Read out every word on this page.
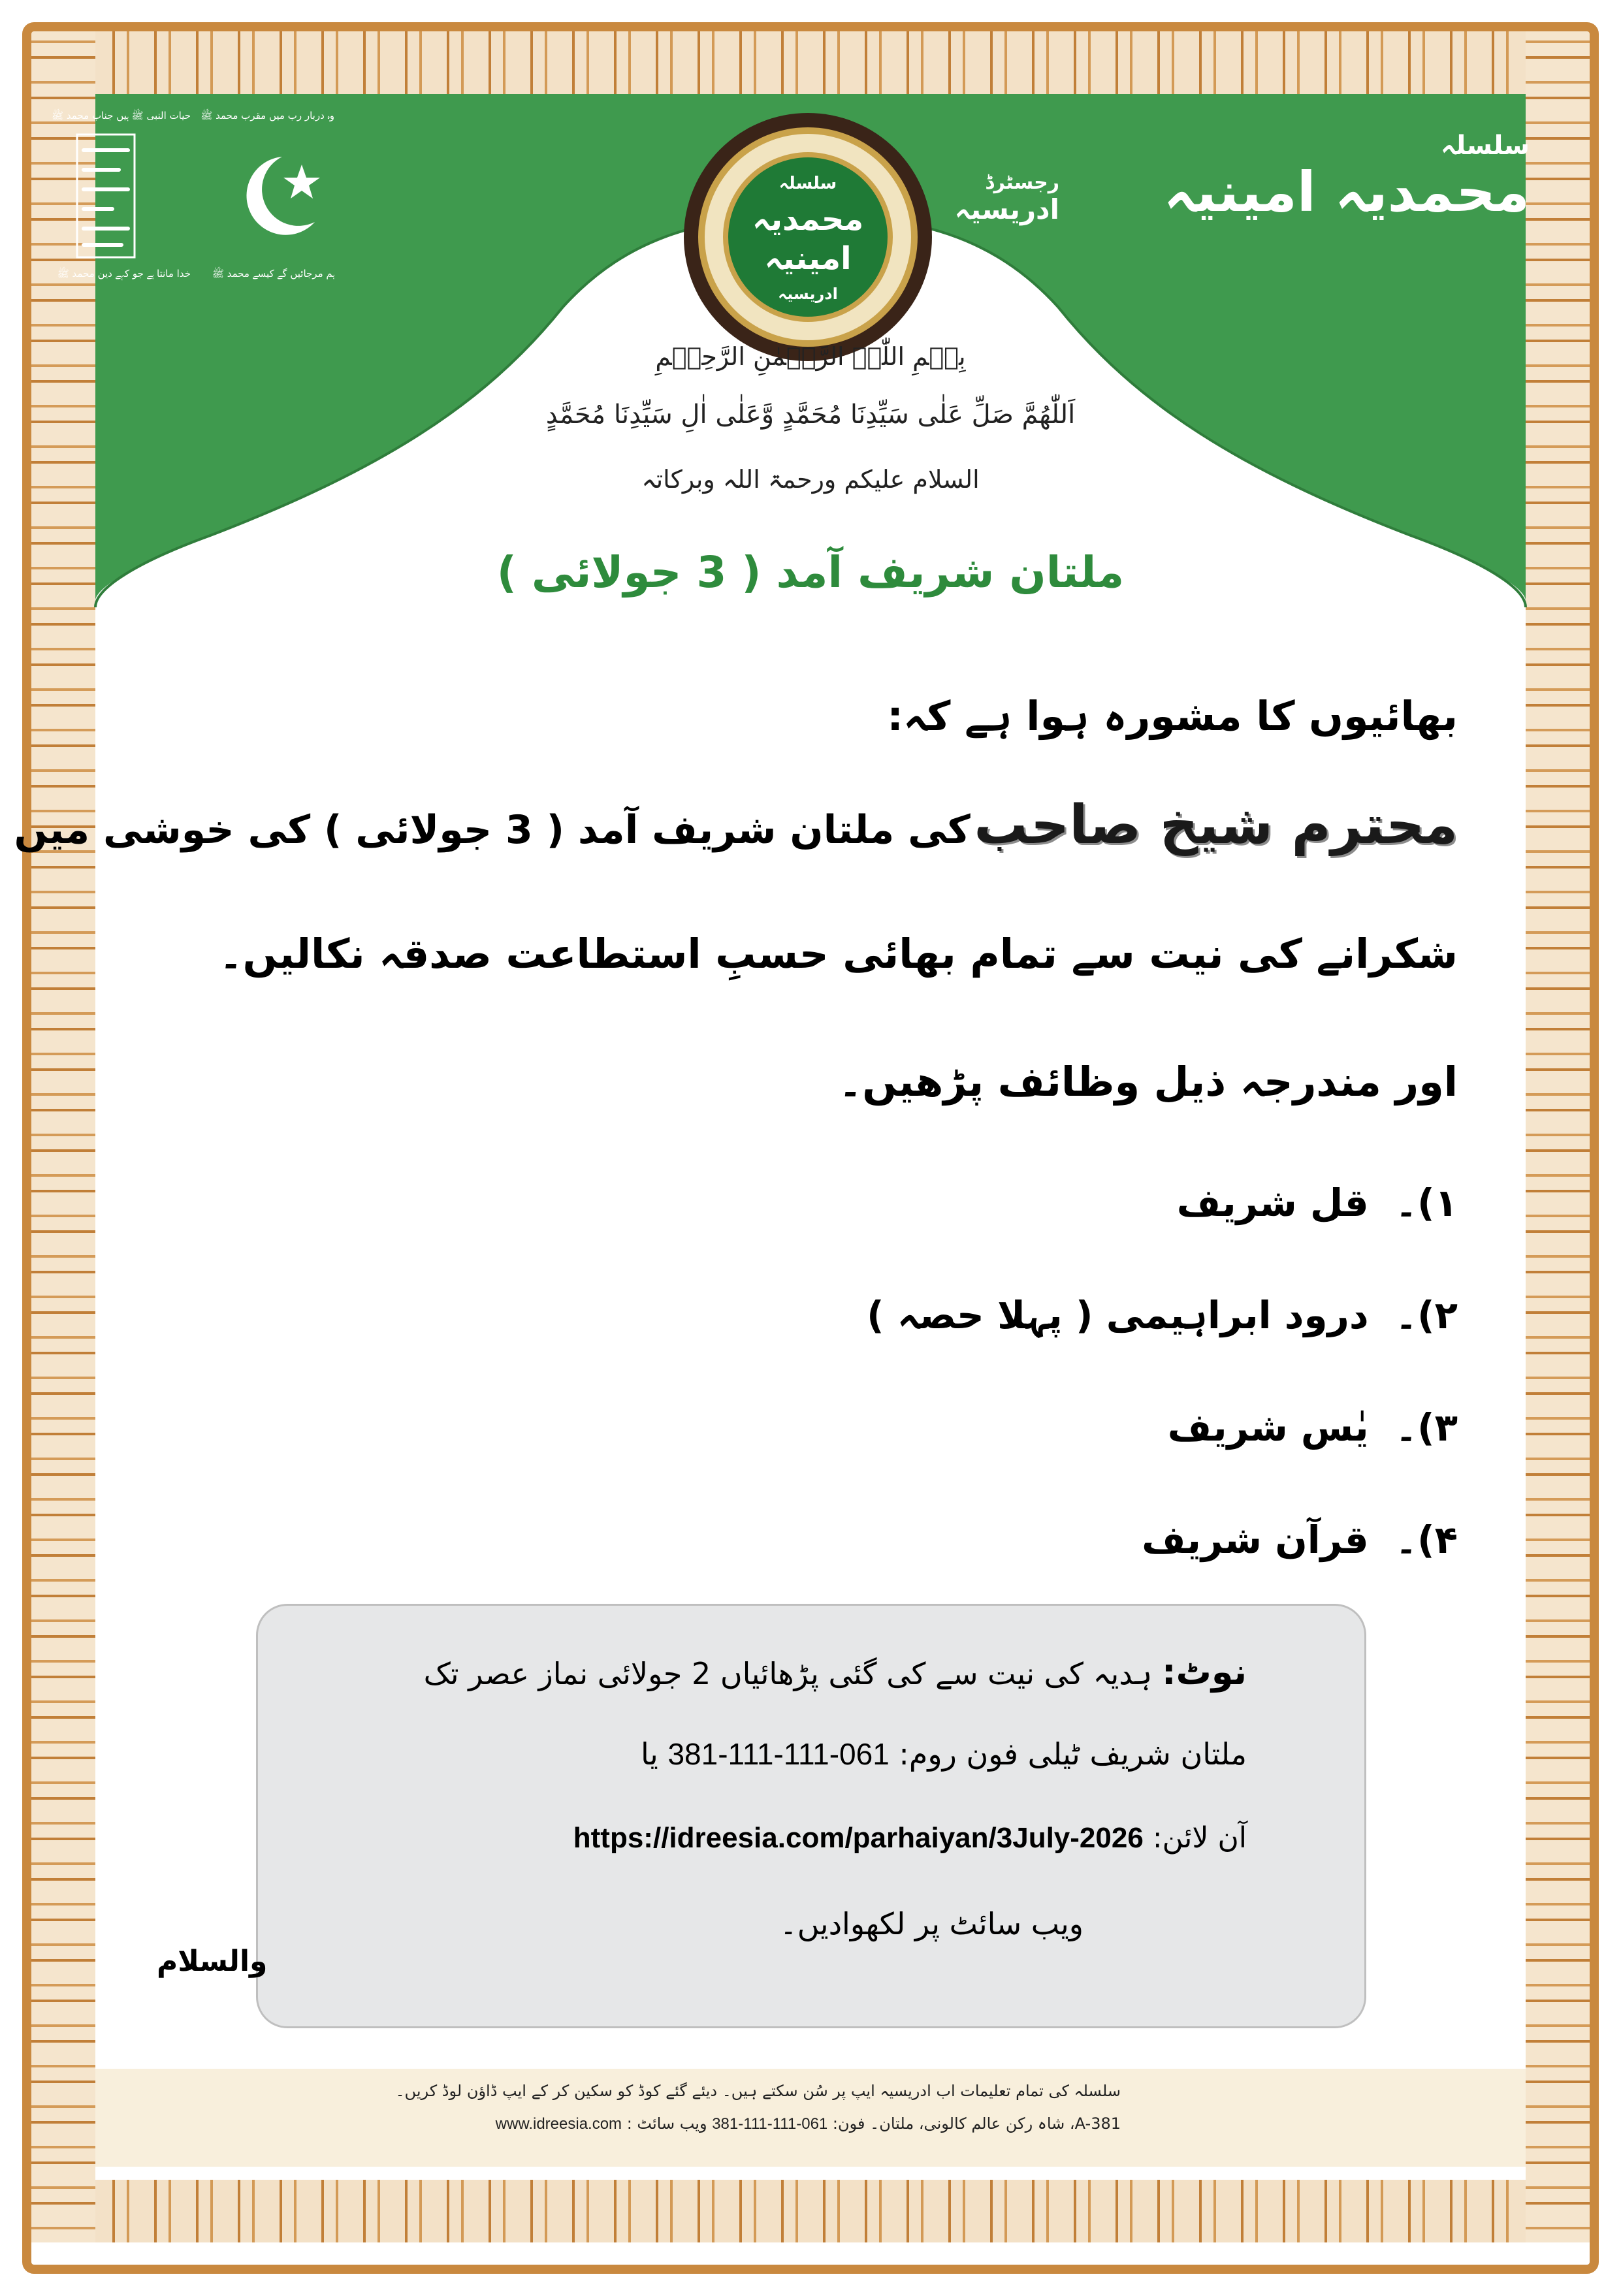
وہ دربار رب میں مقرب محمد ﷺ
حیات النبی ﷺ ہیں جناب محمد ﷺ
ہم مرجائیں گے کیسے محمد ﷺ
خدا مانتا ہے جو کہے دین محمد ﷺ
سلسلہ
محمدیہ امینیہ
رجسٹرڈ
ادریسیہ
سلسلہ
محمدیہ
امینیہ
ادریسیہ
بِسۡمِ اللّٰہِ الرَّحۡمٰنِ الرَّحِیۡمِ
اَللّٰهُمَّ صَلِّ عَلٰی سَیِّدِنَا مُحَمَّدٍ وَّعَلٰی اٰلِ سَیِّدِنَا مُحَمَّدٍ
السلام علیکم ورحمۃ اللہ وبرکاتہ
ملتان شریف آمد ( 3 جولائی )
بھائیوں کا مشورہ ہوا ہے کہ:
محترم شیخ صاحب کی ملتان شریف آمد ( 3 جولائی ) کی خوشی میں
شکرانے کی نیت سے تمام بھائی حسبِ استطاعت صدقہ نکالیں۔
اور مندرجہ ذیل وظائف پڑھیں۔
۱)۔  قل شریف
۲)۔  درود ابراہیمی ( پہلا حصہ )
۳)۔  یٰس شریف
۴)۔  قرآن شریف
نوٹ: ہدیہ کی نیت سے کی گئی پڑھائیاں 2 جولائی نماز عصر تک
ملتان شریف ٹیلی فون روم: 061-111-111-381 یا
آن لائن: https://idreesia.com/parhaiyan/3July-2026
ویب سائٹ پر لکھوادیں۔
والسلام
سلسلہ کی تمام تعلیمات اب ادریسیہ ایپ پر سُن سکتے ہیں۔ دیئے گئے کوڈ کو سکین کر کے ایپ ڈاؤن لوڈ کریں۔
A-381، شاہ رکن عالم کالونی، ملتان۔ فون: 061-111-111-381 ویب سائٹ : www.idreesia.com
